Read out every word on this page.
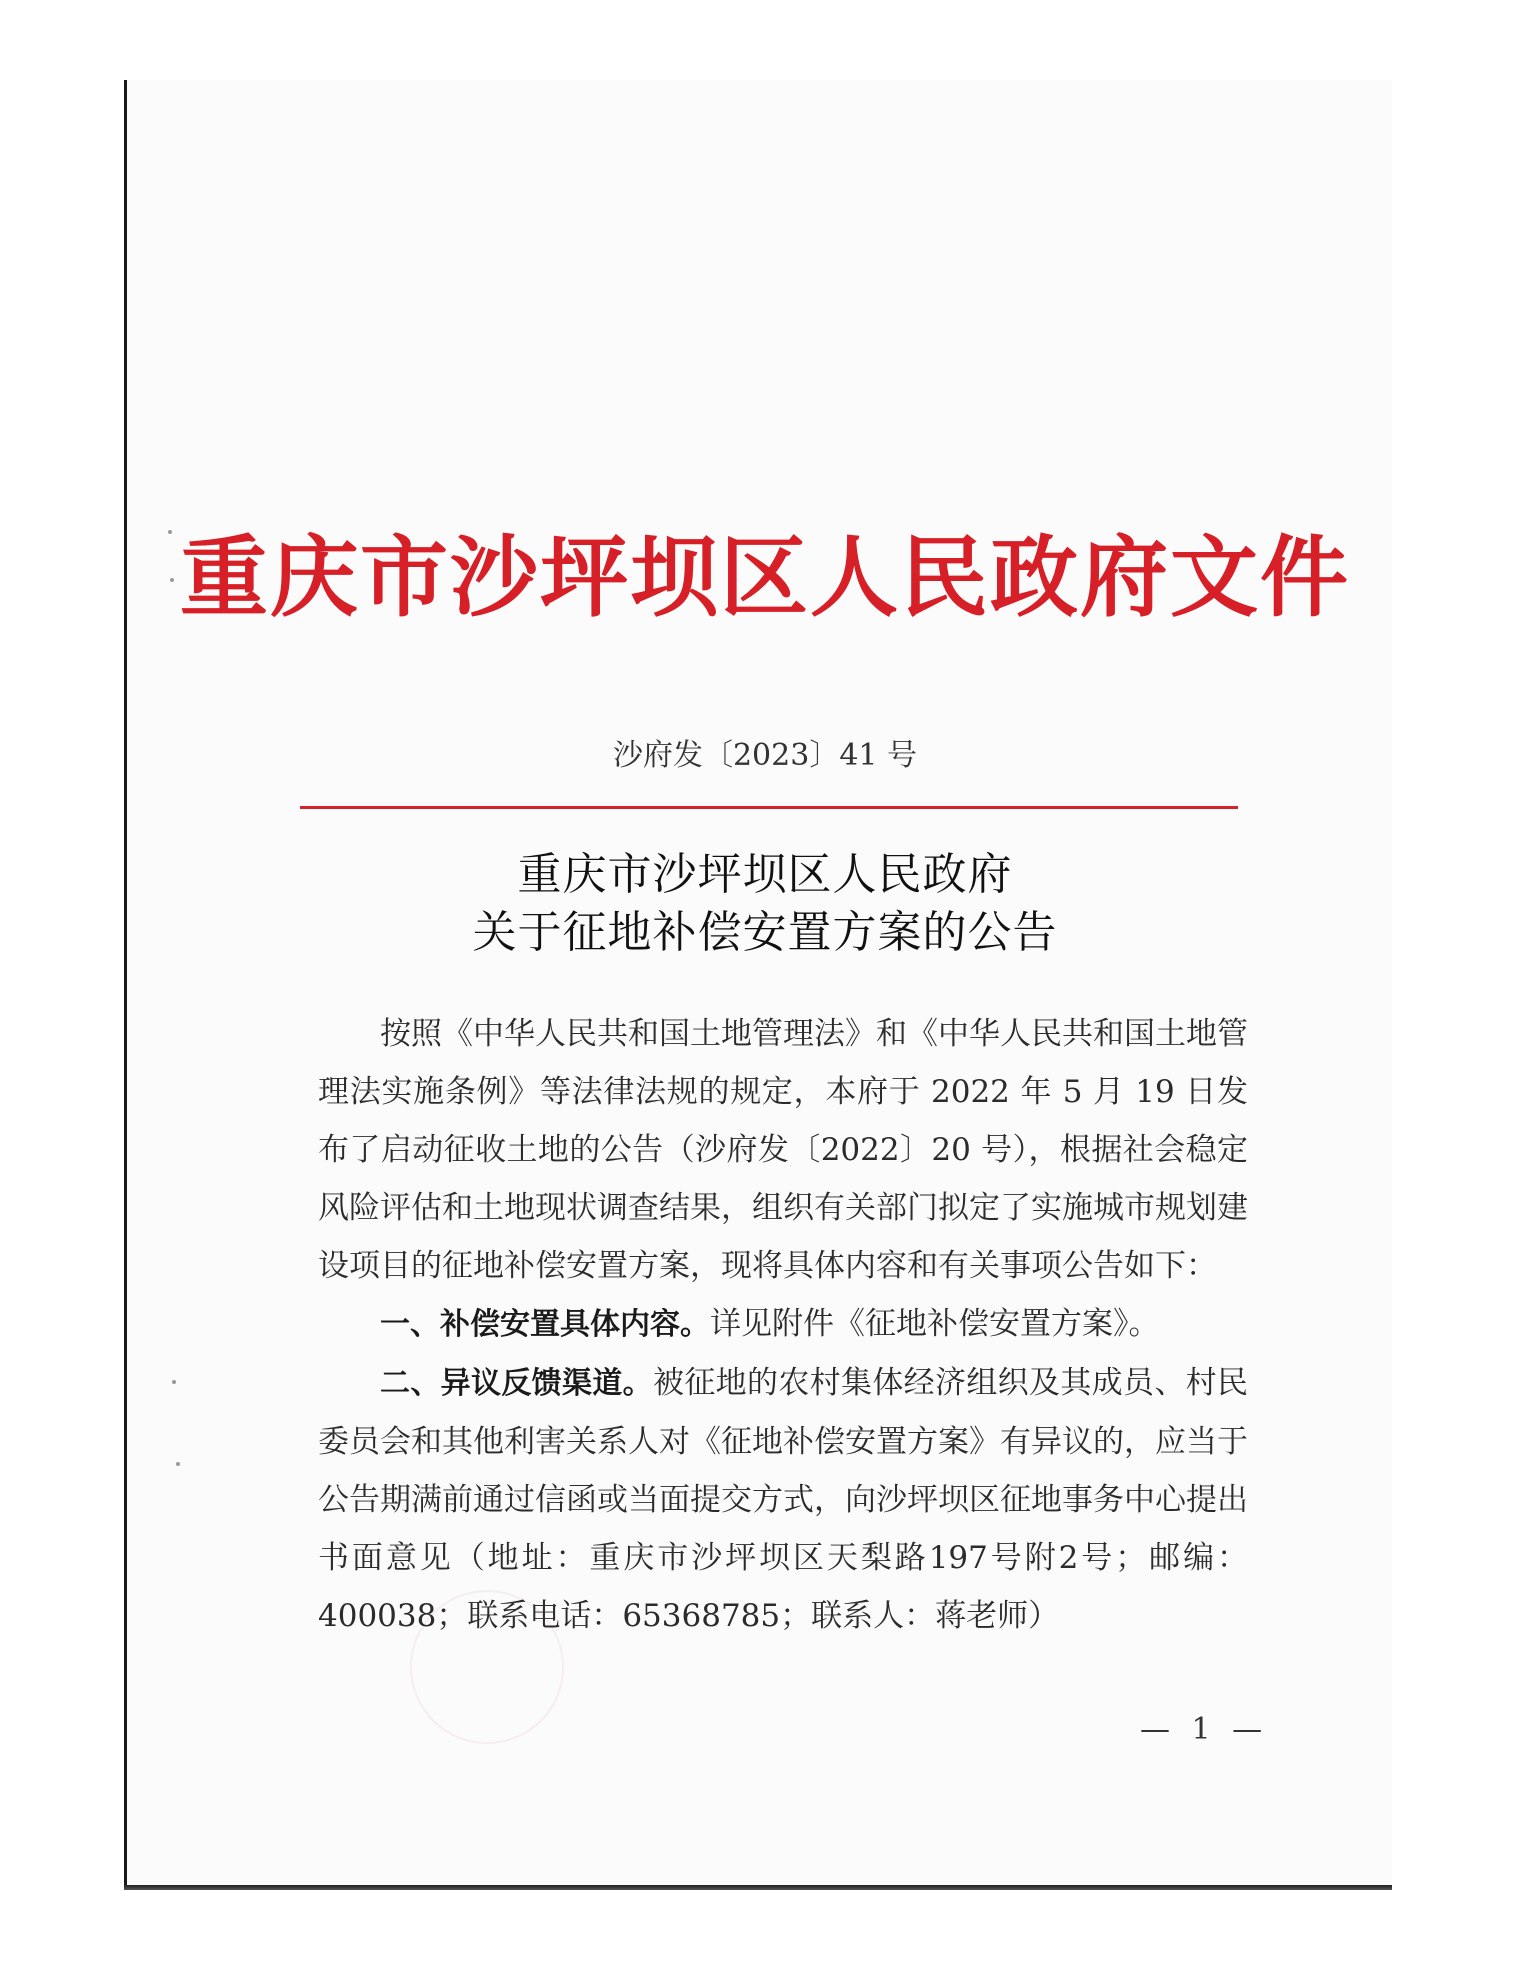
重庆市沙坪坝区人民政府文件
沙府发〔2023〕41 号
重庆市沙坪坝区人民政府
关于征地补偿安置方案的公告

按照《中华人民共和国土地管理法》和《中华人民共和国土地管理法实施条例》等法律法规的规定，本府于 2022 年 5 月 19 日发布了启动征收土地的公告（沙府发〔2022〕20 号），根据社会稳定风险评估和土地现状调查结果，组织有关部门拟定了实施城市规划建设项目的征地补偿安置方案，现将具体内容和有关事项公告如下：

一、补偿安置具体内容。详见附件《征地补偿安置方案》。

二、异议反馈渠道。被征地的农村集体经济组织及其成员、村民委员会和其他利害关系人对《征地补偿安置方案》有异议的，应当于公告期满前通过信函或当面提交方式，向沙坪坝区征地事务中心提出书面意见（地址：重庆市沙坪坝区天梨路197号附2号；邮编：400038；联系电话：65368785；联系人：蒋老师）

— 1 —
